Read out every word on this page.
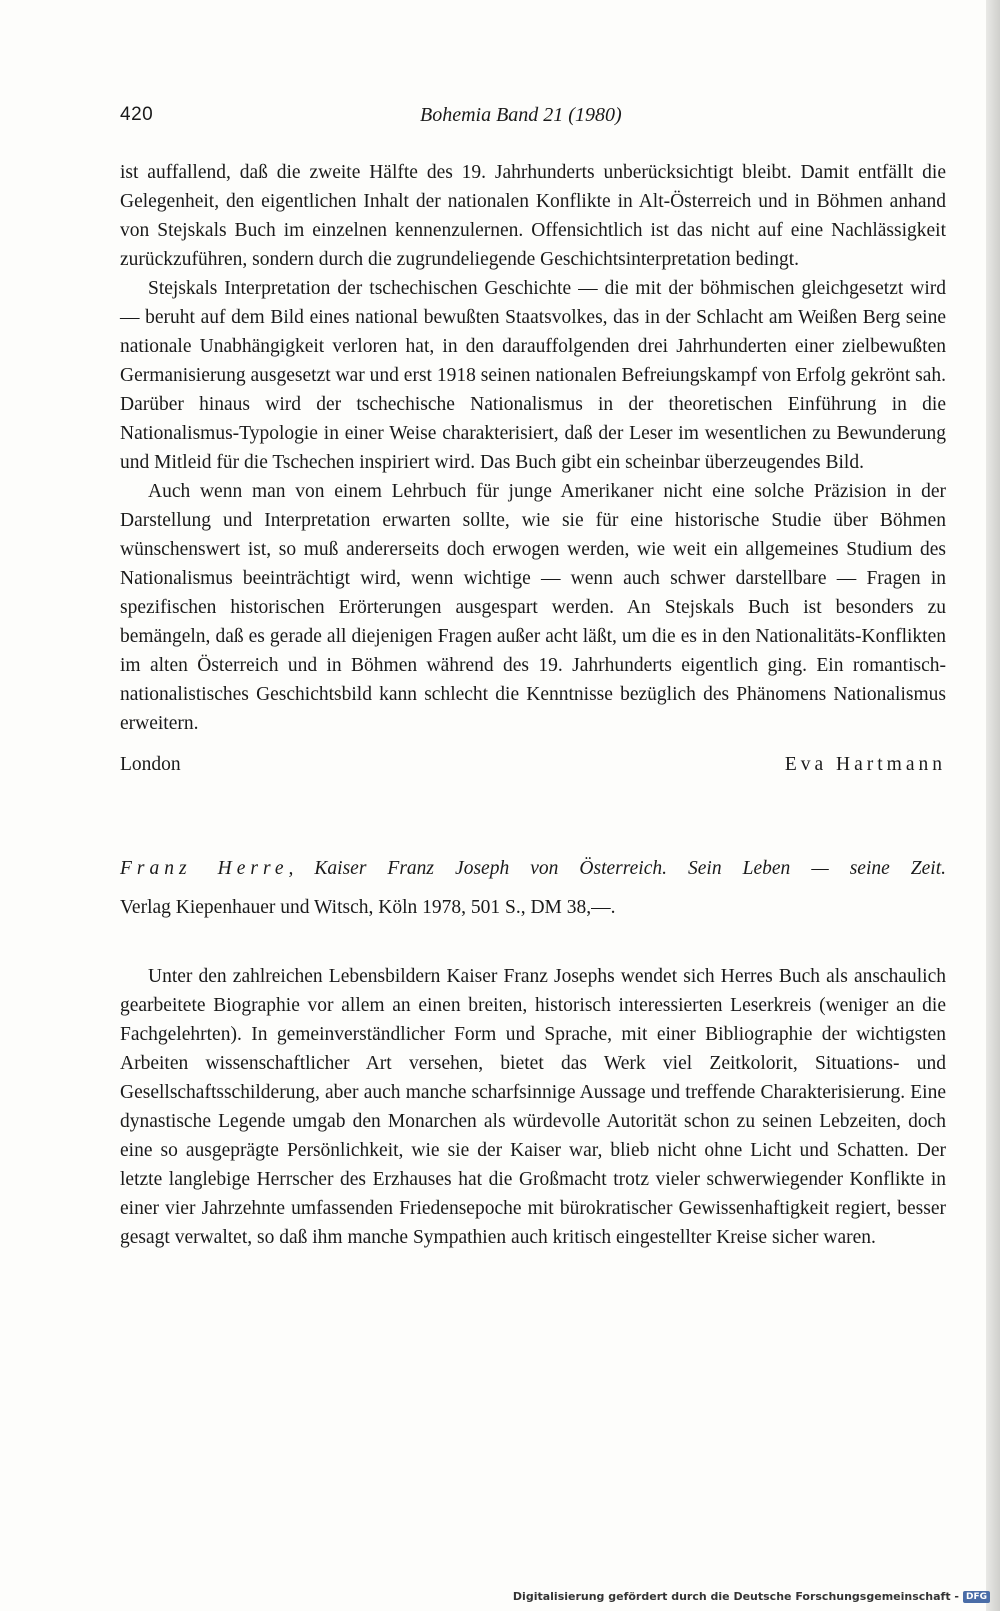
420	Bohemia Band 21 (1980)

ist auffallend, daß die zweite Hälfte des 19. Jahrhunderts unberücksichtigt bleibt. Damit entfällt die Gelegenheit, den eigentlichen Inhalt der nationalen Konflikte in Alt-Österreich und in Böhmen anhand von Stejskals Buch im einzelnen kennenzulernen. Offensichtlich ist das nicht auf eine Nachlässigkeit zurückzuführen, sondern durch die zugrundeliegende Geschichtsinterpretation bedingt.

Stejskals Interpretation der tschechischen Geschichte — die mit der böhmischen gleichgesetzt wird — beruht auf dem Bild eines national bewußten Staatsvolkes, das in der Schlacht am Weißen Berg seine nationale Unabhängigkeit verloren hat, in den darauffolgenden drei Jahrhunderten einer zielbewußten Germanisierung ausgesetzt war und erst 1918 seinen nationalen Befreiungskampf von Erfolg gekrönt sah. Darüber hinaus wird der tschechische Nationalismus in der theoretischen Einführung in die Nationalismus-Typologie in einer Weise charakterisiert, daß der Leser im wesentlichen zu Bewunderung und Mitleid für die Tschechen inspiriert wird. Das Buch gibt ein scheinbar überzeugendes Bild.

Auch wenn man von einem Lehrbuch für junge Amerikaner nicht eine solche Präzision in der Darstellung und Interpretation erwarten sollte, wie sie für eine historische Studie über Böhmen wünschenswert ist, so muß andererseits doch erwogen werden, wie weit ein allgemeines Studium des Nationalismus beeinträchtigt wird, wenn wichtige — wenn auch schwer darstellbare — Fragen in spezifischen historischen Erörterungen ausgespart werden. An Stejskals Buch ist besonders zu bemängeln, daß es gerade all diejenigen Fragen außer acht läßt, um die es in den Nationalitäts-Konflikten im alten Österreich und in Böhmen während des 19. Jahrhunderts eigentlich ging. Ein romantisch-nationalistisches Geschichtsbild kann schlecht die Kenntnisse bezüglich des Phänomens Nationalismus erweitern.

London	Eva Hartmann
Franz Herre, Kaiser Franz Joseph von Österreich. Sein Leben — seine Zeit.
Verlag Kiepenhauer und Witsch, Köln 1978, 501 S., DM 38,—.

Unter den zahlreichen Lebensbildern Kaiser Franz Josephs wendet sich Herres Buch als anschaulich gearbeitete Biographie vor allem an einen breiten, historisch interessierten Leserkreis (weniger an die Fachgelehrten). In gemeinverständlicher Form und Sprache, mit einer Bibliographie der wichtigsten Arbeiten wissenschaftlicher Art versehen, bietet das Werk viel Zeitkolorit, Situations- und Gesellschaftsschilderung, aber auch manche scharfsinnige Aussage und treffende Charakterisierung. Eine dynastische Legende umgab den Monarchen als würdevolle Autorität schon zu seinen Lebzeiten, doch eine so ausgeprägte Persönlichkeit, wie sie der Kaiser war, blieb nicht ohne Licht und Schatten. Der letzte langlebige Herrscher des Erzhauses hat die Großmacht trotz vieler schwerwiegender Konflikte in einer vier Jahrzehnte umfassenden Friedensepoche mit bürokratischer Gewissenhaftigkeit regiert, besser gesagt verwaltet, so daß ihm manche Sympathien auch kritisch eingestellter Kreise sicher waren.

Digitalisierung gefördert durch die Deutsche Forschungsgemeinschaft - DFG
